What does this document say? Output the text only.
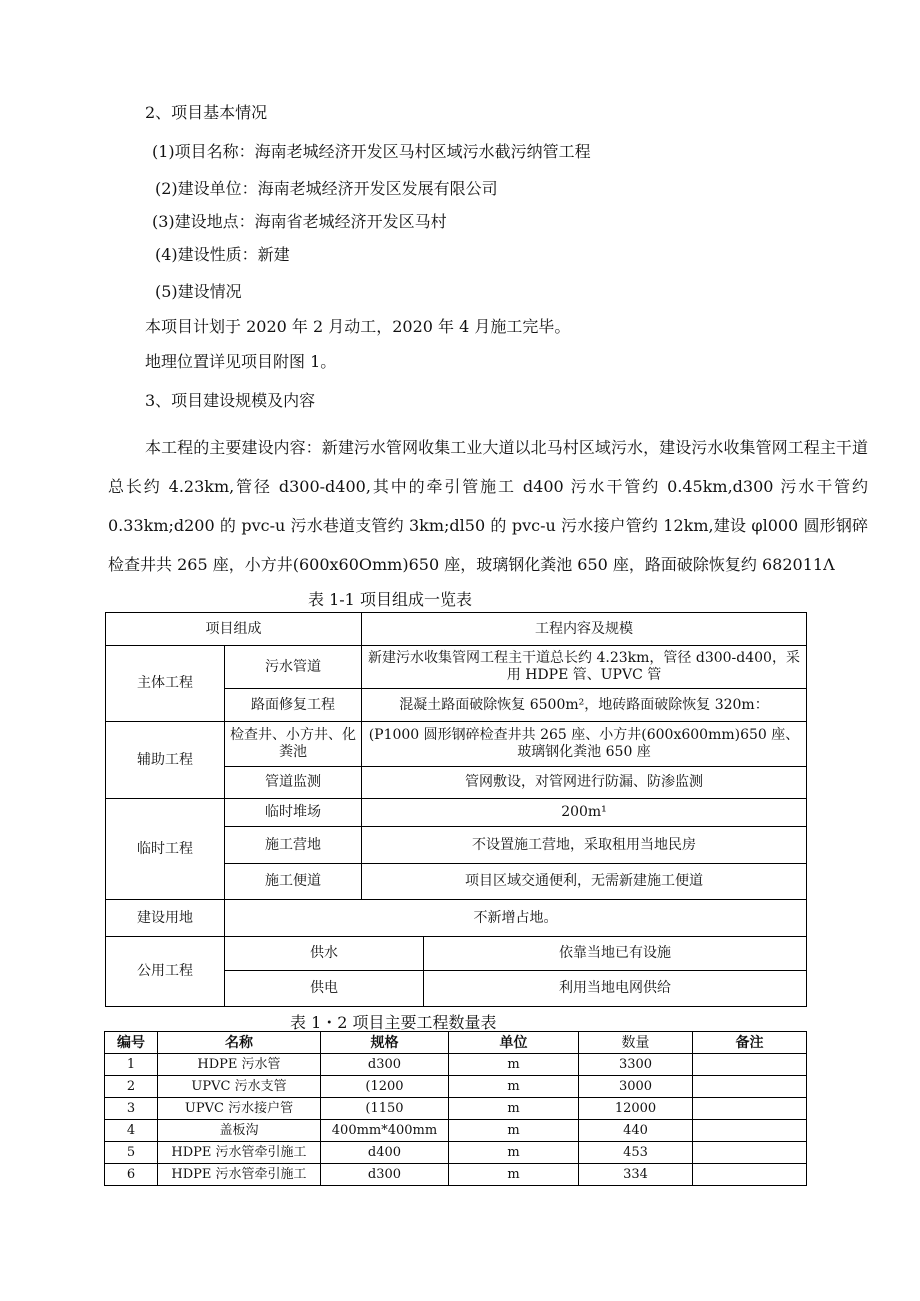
2、项目基本情况
(1)项目名称：海南老城经济开发区马村区域污水截污纳管工程
(2)建设单位：海南老城经济开发区发展有限公司
(3)建设地点：海南省老城经济开发区马村
(4)建设性质：新建
(5)建设情况
本项目计划于 2020 年 2 月动工，2020 年 4 月施工完毕。
地理位置详见项目附图 1。
3、项目建设规模及内容
本工程的主要建设内容：新建污水管网收集工业大道以北马村区域污水，建设污水收集管网工程主干道总长约 4.23km,管径 d300-d400,其中的牵引管施工 d400 污水干管约 0.45km,d300 污水干管约 0.33km;d200 的 pvc-u 污水巷道支管约 3km;dl50 的 pvc-u 污水接户管约 12km,建设 φl000 圆形钢碎检查井共 265 座，小方井(600x60Omm)650 座，玻璃钢化粪池 650 座，路面破除恢复约 682011Λ
表 1-1 项目组成一览表
项目组成		工程内容及规模	
主体工程	污水管道	新建污水收集管网工程主干道总长约 4.23km，管径 d300-d400，采用 HDPE 管、UPVC 管	
	路面修复工程	混凝土路面破除恢复 6500m²，地砖路面破除恢复 320m：	
辅助工程	检查井、小方井、化粪池	(P1000 圆形钢碎检查井共 265 座、小方井(600x600mm)650 座、玻璃钢化粪池 650 座	
	管道监测	管网敷设，对管网进行防漏、防渗监测	
临时工程	临时堆场	200m¹	
	施工营地	不设置施工营地，采取租用当地民房	
	施工便道	项目区域交通便利，无需新建施工便道	
建设用地	不新增占地。		
公用工程	供水		依靠当地已有设施
	供电		利用当地电网供给
表 1・2 项目主要工程数量表
编号	名称	规格	单位	数量	备注
1	HDPE 污水管	d300	m	3300	
2	UPVC 污水支管	(1200	m	3000	
3	UPVC 污水接户管	(1150	m	12000	
4	盖板沟	400mm*400mm	m	440	
5	HDPE 污水管牵引施工	d400	m	453	
6	HDPE 污水管牵引施工	d300	m	334	
